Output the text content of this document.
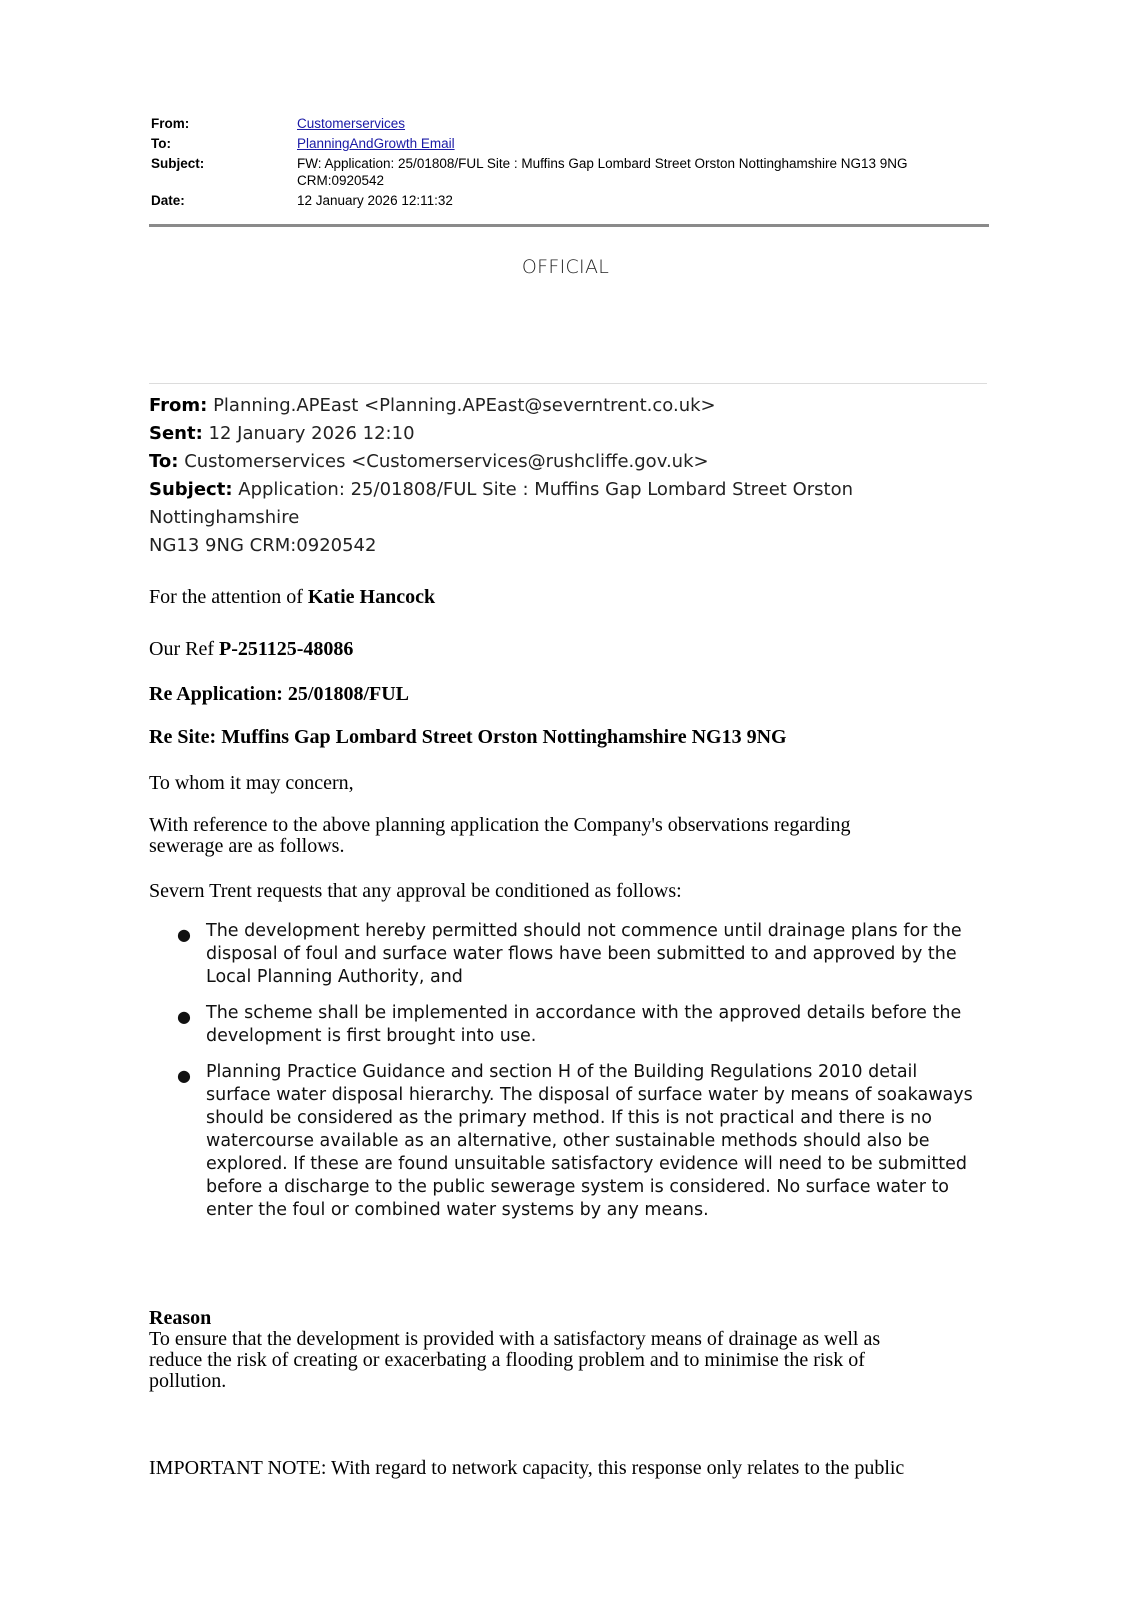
From:	Customerservices
To:	PlanningAndGrowth Email
Subject:	FW: Application: 25/01808/FUL Site : Muffins Gap Lombard Street Orston Nottinghamshire NG13 9NG
CRM:0920542
Date:	12 January 2026 12:11:32
OFFICIAL
From: Planning.APEast <Planning.APEast@severntrent.co.uk>
Sent: 12 January 2026 12:10
To: Customerservices <Customerservices@rushcliffe.gov.uk>
Subject: Application: 25/01808/FUL Site : Muffins Gap Lombard Street Orston Nottinghamshire
NG13 9NG CRM:0920542
For the attention of Katie Hancock
Our Ref P-251125-48086
Re Application: 25/01808/FUL
Re Site: Muffins Gap Lombard Street Orston Nottinghamshire NG13 9NG
To whom it may concern,
With reference to the above planning application the Company's observations regarding
sewerage are as follows.
Severn Trent requests that any approval be conditioned as follows:
● The development hereby permitted should not commence until drainage plans for the disposal of foul and surface water flows have been submitted to and approved by the Local Planning Authority, and
● The scheme shall be implemented in accordance with the approved details before the development is first brought into use.
● Planning Practice Guidance and section H of the Building Regulations 2010 detail surface water disposal hierarchy. The disposal of surface water by means of soakaways should be considered as the primary method. If this is not practical and there is no watercourse available as an alternative, other sustainable methods should also be explored. If these are found unsuitable satisfactory evidence will need to be submitted before a discharge to the public sewerage system is considered. No surface water to enter the foul or combined water systems by any means.
Reason
To ensure that the development is provided with a satisfactory means of drainage as well as
reduce the risk of creating or exacerbating a flooding problem and to minimise the risk of
pollution.
IMPORTANT NOTE: With regard to network capacity, this response only relates to the public
